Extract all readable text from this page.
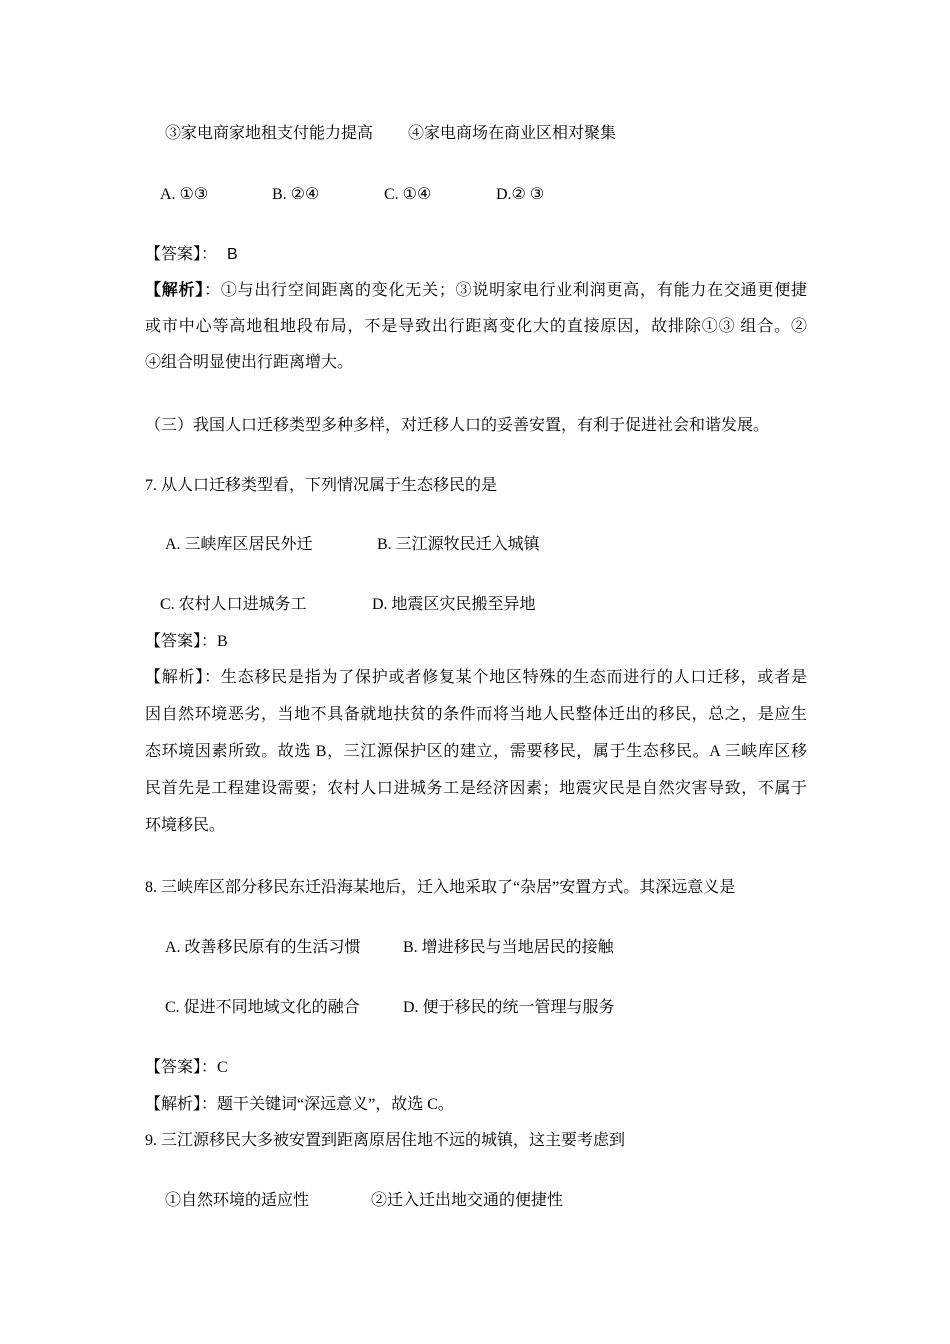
③家电商家地租支付能力提高 ④家电商场在商业区相对聚集
A. ①③	B. ②④	C. ①④	D.② ③
【答案】： B
【解析】：①与出行空间距离的变化无关；③说明家电行业利润更高，有能力在交通更便捷
或市中心等高地租地段布局，不是导致出行距离变化大的直接原因，故排除①③ 组合。②
④组合明显使出行距离增大。
（三）我国人口迁移类型多种多样，对迁移人口的妥善安置，有利于促进社会和谐发展。
7. 从人口迁移类型看，下列情况属于生态移民的是
A. 三峡库区居民外迁	B. 三江源牧民迁入城镇
C. 农村人口进城务工	D. 地震区灾民搬至异地
【答案】：B
【解析】：生态移民是指为了保护或者修复某个地区特殊的生态而进行的人口迁移，或者是
因自然环境恶劣，当地不具备就地扶贫的条件而将当地人民整体迁出的移民，总之，是应生
态环境因素所致。故选 B，三江源保护区的建立，需要移民，属于生态移民。A 三峡库区移
民首先是工程建设需要；农村人口进城务工是经济因素；地震灾民是自然灾害导致，不属于
环境移民。
8. 三峡库区部分移民东迁沿海某地后，迁入地采取了“杂居”安置方式。其深远意义是
A. 改善移民原有的生活习惯	B. 增进移民与当地居民的接触
C. 促进不同地域文化的融合	D. 便于移民的统一管理与服务
【答案】：C
【解析】：题干关键词“深远意义”，故选 C。
9. 三江源移民大多被安置到距离原居住地不远的城镇，这主要考虑到
①自然环境的适应性	②迁入迁出地交通的便捷性
